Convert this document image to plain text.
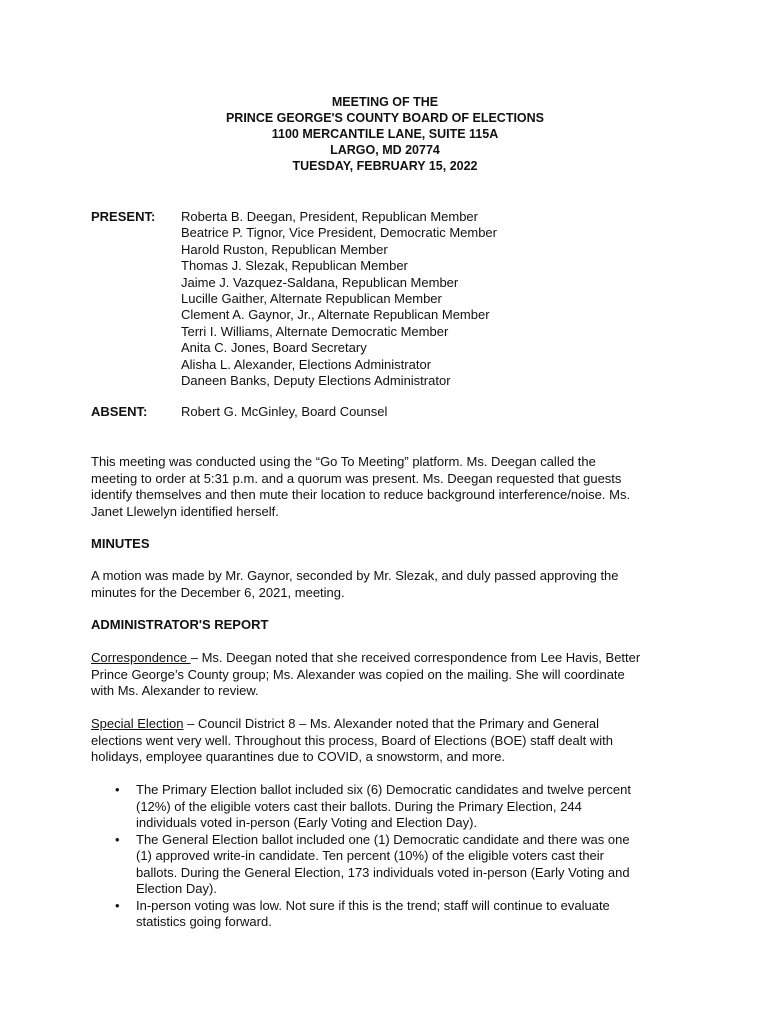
MEETING OF THE
PRINCE GEORGE'S COUNTY BOARD OF ELECTIONS
1100 MERCANTILE LANE, SUITE 115A
LARGO, MD 20774
TUESDAY, FEBRUARY 15, 2022
PRESENT: Roberta B. Deegan, President, Republican Member
Beatrice P. Tignor, Vice President, Democratic Member
Harold Ruston, Republican Member
Thomas J. Slezak, Republican Member
Jaime J. Vazquez-Saldana, Republican Member
Lucille Gaither, Alternate Republican Member
Clement A. Gaynor, Jr., Alternate Republican Member
Terri I. Williams, Alternate Democratic Member
Anita C. Jones, Board Secretary
Alisha L. Alexander, Elections Administrator
Daneen Banks, Deputy Elections Administrator
ABSENT:	Robert G. McGinley, Board Counsel
This meeting was conducted using the “Go To Meeting” platform. Ms. Deegan called the
meeting to order at 5:31 p.m. and a quorum was present. Ms. Deegan requested that guests
identify themselves and then mute their location to reduce background interference/noise. Ms.
Janet Llewelyn identified herself.
MINUTES
A motion was made by Mr. Gaynor, seconded by Mr. Slezak, and duly passed approving the
minutes for the December 6, 2021, meeting.
ADMINISTRATOR'S REPORT
Correspondence – Ms. Deegan noted that she received correspondence from Lee Havis, Better
Prince George’s County group; Ms. Alexander was copied on the mailing. She will coordinate
with Ms. Alexander to review.
Special Election – Council District 8 – Ms. Alexander noted that the Primary and General
elections went very well. Throughout this process, Board of Elections (BOE) staff dealt with
holidays, employee quarantines due to COVID, a snowstorm, and more.
• The Primary Election ballot included six (6) Democratic candidates and twelve percent
(12%) of the eligible voters cast their ballots. During the Primary Election, 244
individuals voted in-person (Early Voting and Election Day).
• The General Election ballot included one (1) Democratic candidate and there was one
(1) approved write-in candidate. Ten percent (10%) of the eligible voters cast their
ballots. During the General Election, 173 individuals voted in-person (Early Voting and
Election Day).
• In-person voting was low. Not sure if this is the trend; staff will continue to evaluate
statistics going forward.
